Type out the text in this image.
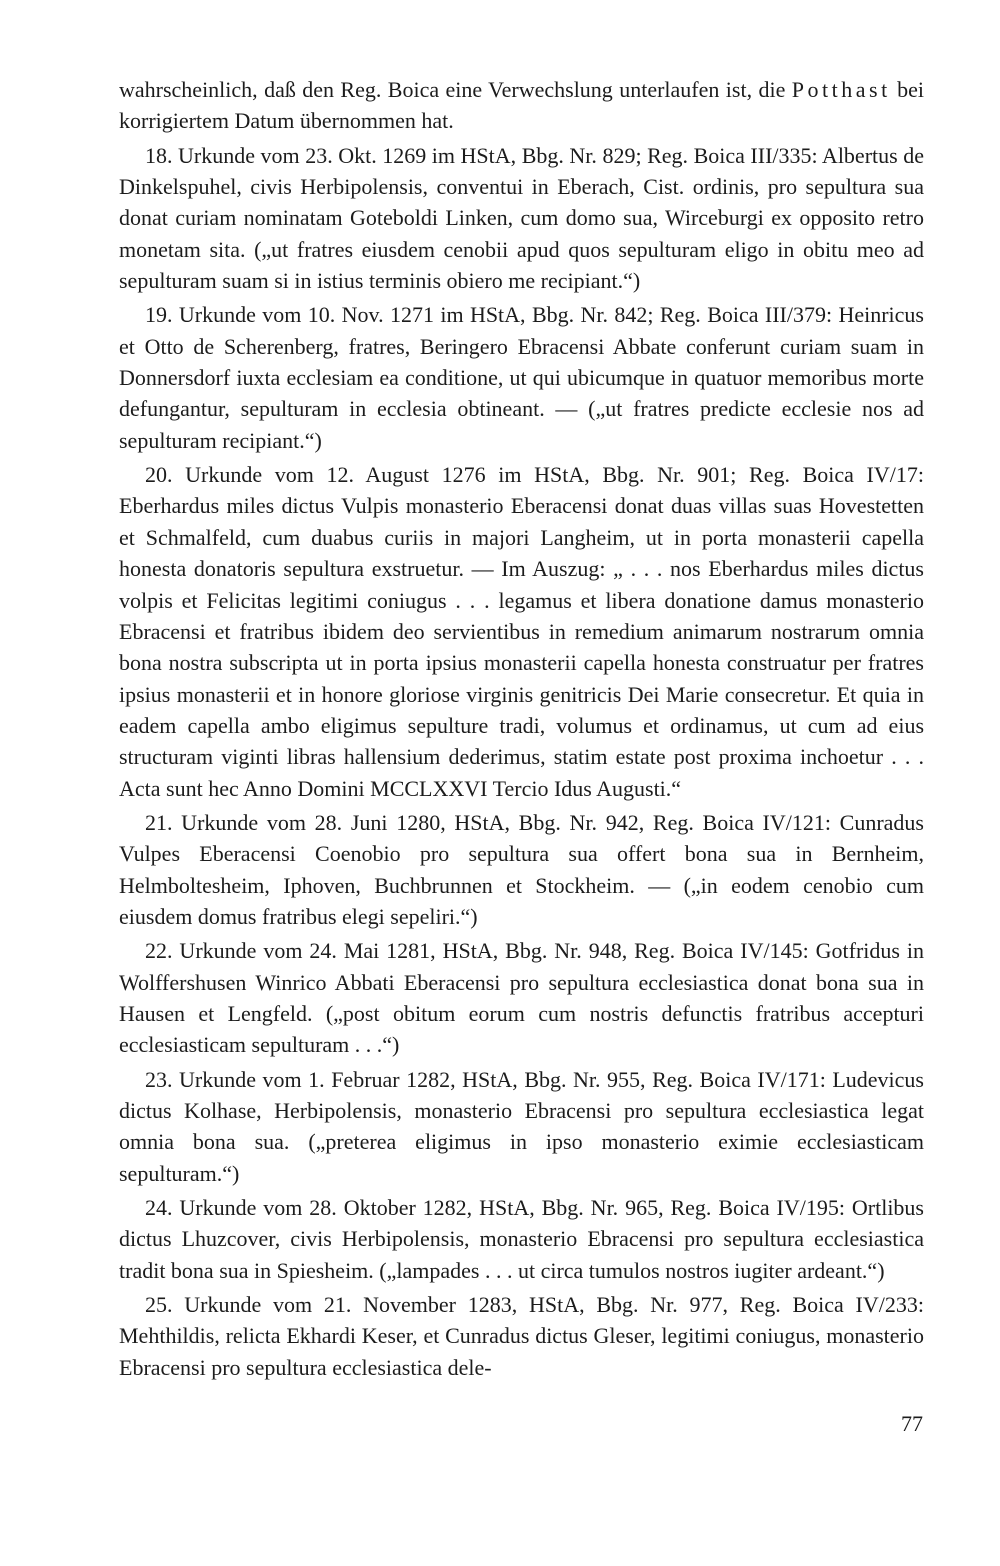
wahrscheinlich, daß den Reg. Boica eine Verwechslung unterlaufen ist, die Potthast bei korrigiertem Datum übernommen hat.

18. Urkunde vom 23. Okt. 1269 im HStA, Bbg. Nr. 829; Reg. Boica III/335: Albertus de Dinkelspuhel, civis Herbipolensis, conventui in Eberach, Cist. ordinis, pro sepultura sua donat curiam nominatam Goteboldi Linken, cum domo sua, Wirceburgi ex opposito retro monetam sita. („ut fratres eiusdem cenobii apud quos sepulturam eligo in obitu meo ad sepulturam suam si in istius terminis obiero me recipiant.“)

19. Urkunde vom 10. Nov. 1271 im HStA, Bbg. Nr. 842; Reg. Boica III/379: Heinricus et Otto de Scherenberg, fratres, Beringero Ebracensi Abbate conferunt curiam suam in Donnersdorf iuxta ecclesiam ea conditione, ut qui ubicumque in quatuor memoribus morte defungantur, sepulturam in ecclesia obtineant. — („ut fratres predicte ecclesie nos ad sepulturam recipiant.“)

20. Urkunde vom 12. August 1276 im HStA, Bbg. Nr. 901; Reg. Boica IV/17: Eberhardus miles dictus Vulpis monasterio Eberacensi donat duas villas suas Hovestetten et Schmalfeld, cum duabus curiis in majori Langheim, ut in porta monasterii capella honesta donatoris sepultura exstruetur. — Im Auszug: „ . . . nos Eberhardus miles dictus volpis et Felicitas legitimi coniugus . . . legamus et libera donatione damus monasterio Ebracensi et fratribus ibidem deo servientibus in remedium animarum nostrarum omnia bona nostra subscripta ut in porta ipsius monasterii capella honesta construatur per fratres ipsius monasterii et in honore gloriose virginis genitricis Dei Marie consecretur. Et quia in eadem capella ambo eligimus sepulture tradi, volumus et ordinamus, ut cum ad eius structuram viginti libras hallensium dederimus, statim estate post proxima inchoetur . . . Acta sunt hec Anno Domini MCCLXXVI Tercio Idus Augusti.“

21. Urkunde vom 28. Juni 1280, HStA, Bbg. Nr. 942, Reg. Boica IV/121: Cunradus Vulpes Eberacensi Coenobio pro sepultura sua offert bona sua in Bernheim, Helmboltesheim, Iphoven, Buchbrunnen et Stockheim. — („in eodem cenobio cum eiusdem domus fratribus elegi sepeliri.“)

22. Urkunde vom 24. Mai 1281, HStA, Bbg. Nr. 948, Reg. Boica IV/145: Gotfridus in Wolffershusen Winrico Abbati Eberacensi pro sepultura ecclesiastica donat bona sua in Hausen et Lengfeld. („post obitum eorum cum nostris defunctis fratribus accepturi ecclesiasticam sepulturam . . .“)

23. Urkunde vom 1. Februar 1282, HStA, Bbg. Nr. 955, Reg. Boica IV/171: Ludevicus dictus Kolhase, Herbipolensis, monasterio Ebracensi pro sepultura ecclesiastica legat omnia bona sua. („preterea eligimus in ipso monasterio eximie ecclesiasticam sepulturam.“)

24. Urkunde vom 28. Oktober 1282, HStA, Bbg. Nr. 965, Reg. Boica IV/195: Ortlibus dictus Lhuzcover, civis Herbipolensis, monasterio Ebracensi pro sepultura ecclesiastica tradit bona sua in Spiesheim. („lampades . . . ut circa tumulos nostros iugiter ardeant.“)

25. Urkunde vom 21. November 1283, HStA, Bbg. Nr. 977, Reg. Boica IV/233: Mehthildis, relicta Ekhardi Keser, et Cunradus dictus Gleser, legitimi coniugus, monasterio Ebracensi pro sepultura ecclesiastica dele-

77
